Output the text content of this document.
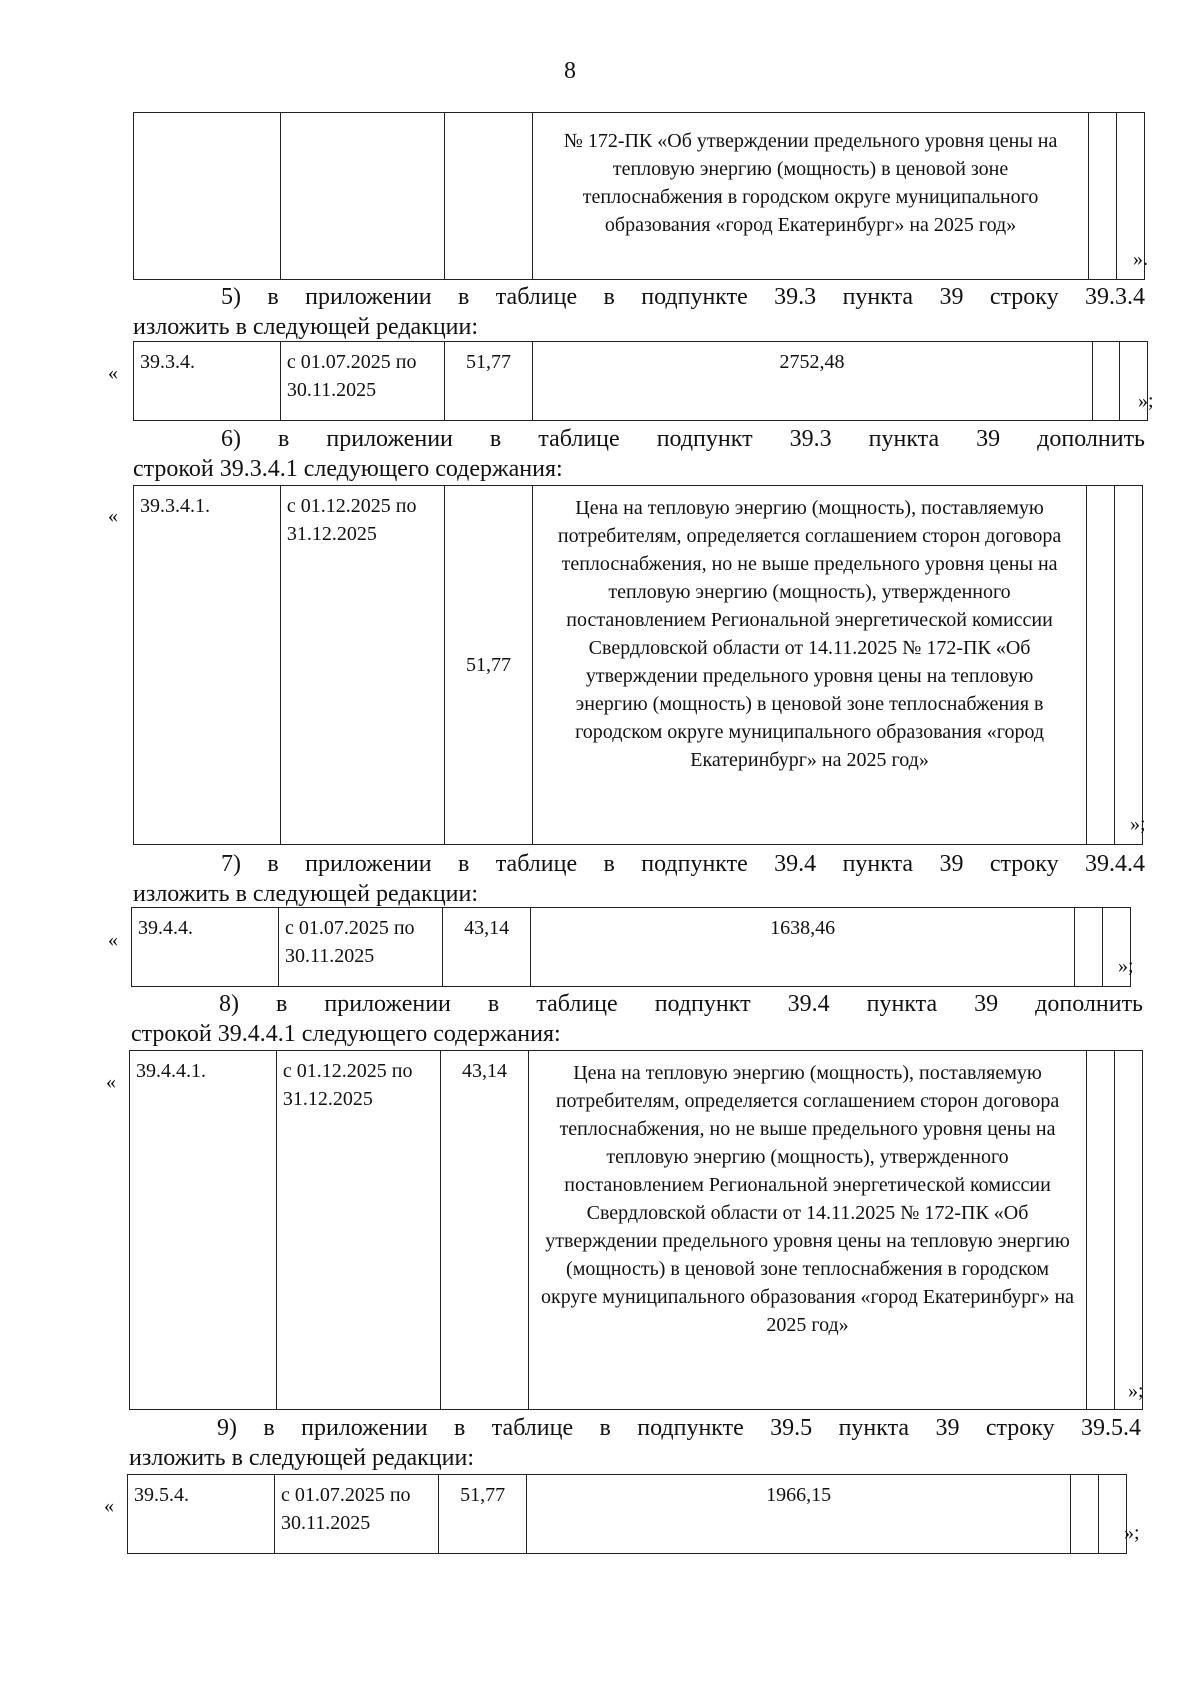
8
			№ 172-ПК «Об утверждении предельного уровня цены на тепловую энергию (мощность) в ценовой зоне теплоснабжения в городском округе муниципального образования «город Екатеринбург» на 2025 год»		
».
5) в приложении в таблице в подпункте 39.3 пункта 39 строку 39.3.4
изложить в следующей редакции:
« 39.3.4.	с 01.07.2025 по 30.11.2025	51,77	2752,48		
»;
6) в приложении в таблице подпункт 39.3 пункта 39 дополнить
строкой 39.3.4.1 следующего содержания:
« 39.3.4.1.	с 01.12.2025 по 31.12.2025	51,77	Цена на тепловую энергию (мощность), поставляемую потребителям, определяется соглашением сторон договора теплоснабжения, но не выше предельного уровня цены на тепловую энергию (мощность), утвержденного постановлением Региональной энергетической комиссии Свердловской области от 14.11.2025 № 172-ПК «Об утверждении предельного уровня цены на тепловую энергию (мощность) в ценовой зоне теплоснабжения в городском округе муниципального образования «город Екатеринбург» на 2025 год»		
»;
7) в приложении в таблице в подпункте 39.4 пункта 39 строку 39.4.4
изложить в следующей редакции:
«
39.4.4.	с 01.07.2025 по 30.11.2025	43,14	1638,46		
»;
8) в приложении в таблице подпункт 39.4 пункта 39 дополнить
строкой 39.4.4.1 следующего содержания:
« 39.4.4.1.	с 01.12.2025 по 31.12.2025	43,14	Цена на тепловую энергию (мощность), поставляемую потребителям, определяется соглашением сторон договора теплоснабжения, но не выше предельного уровня цены на тепловую энергию (мощность), утвержденного постановлением Региональной энергетической комиссии Свердловской области от 14.11.2025 № 172-ПК «Об утверждении предельного уровня цены на тепловую энергию (мощность) в ценовой зоне теплоснабжения в городском округе муниципального образования «город Екатеринбург» на 2025 год»		
»;
9) в приложении в таблице в подпункте 39.5 пункта 39 строку 39.5.4
изложить в следующей редакции:
« 39.5.4.	с 01.07.2025 по 30.11.2025	51,77	1966,15		
»;
